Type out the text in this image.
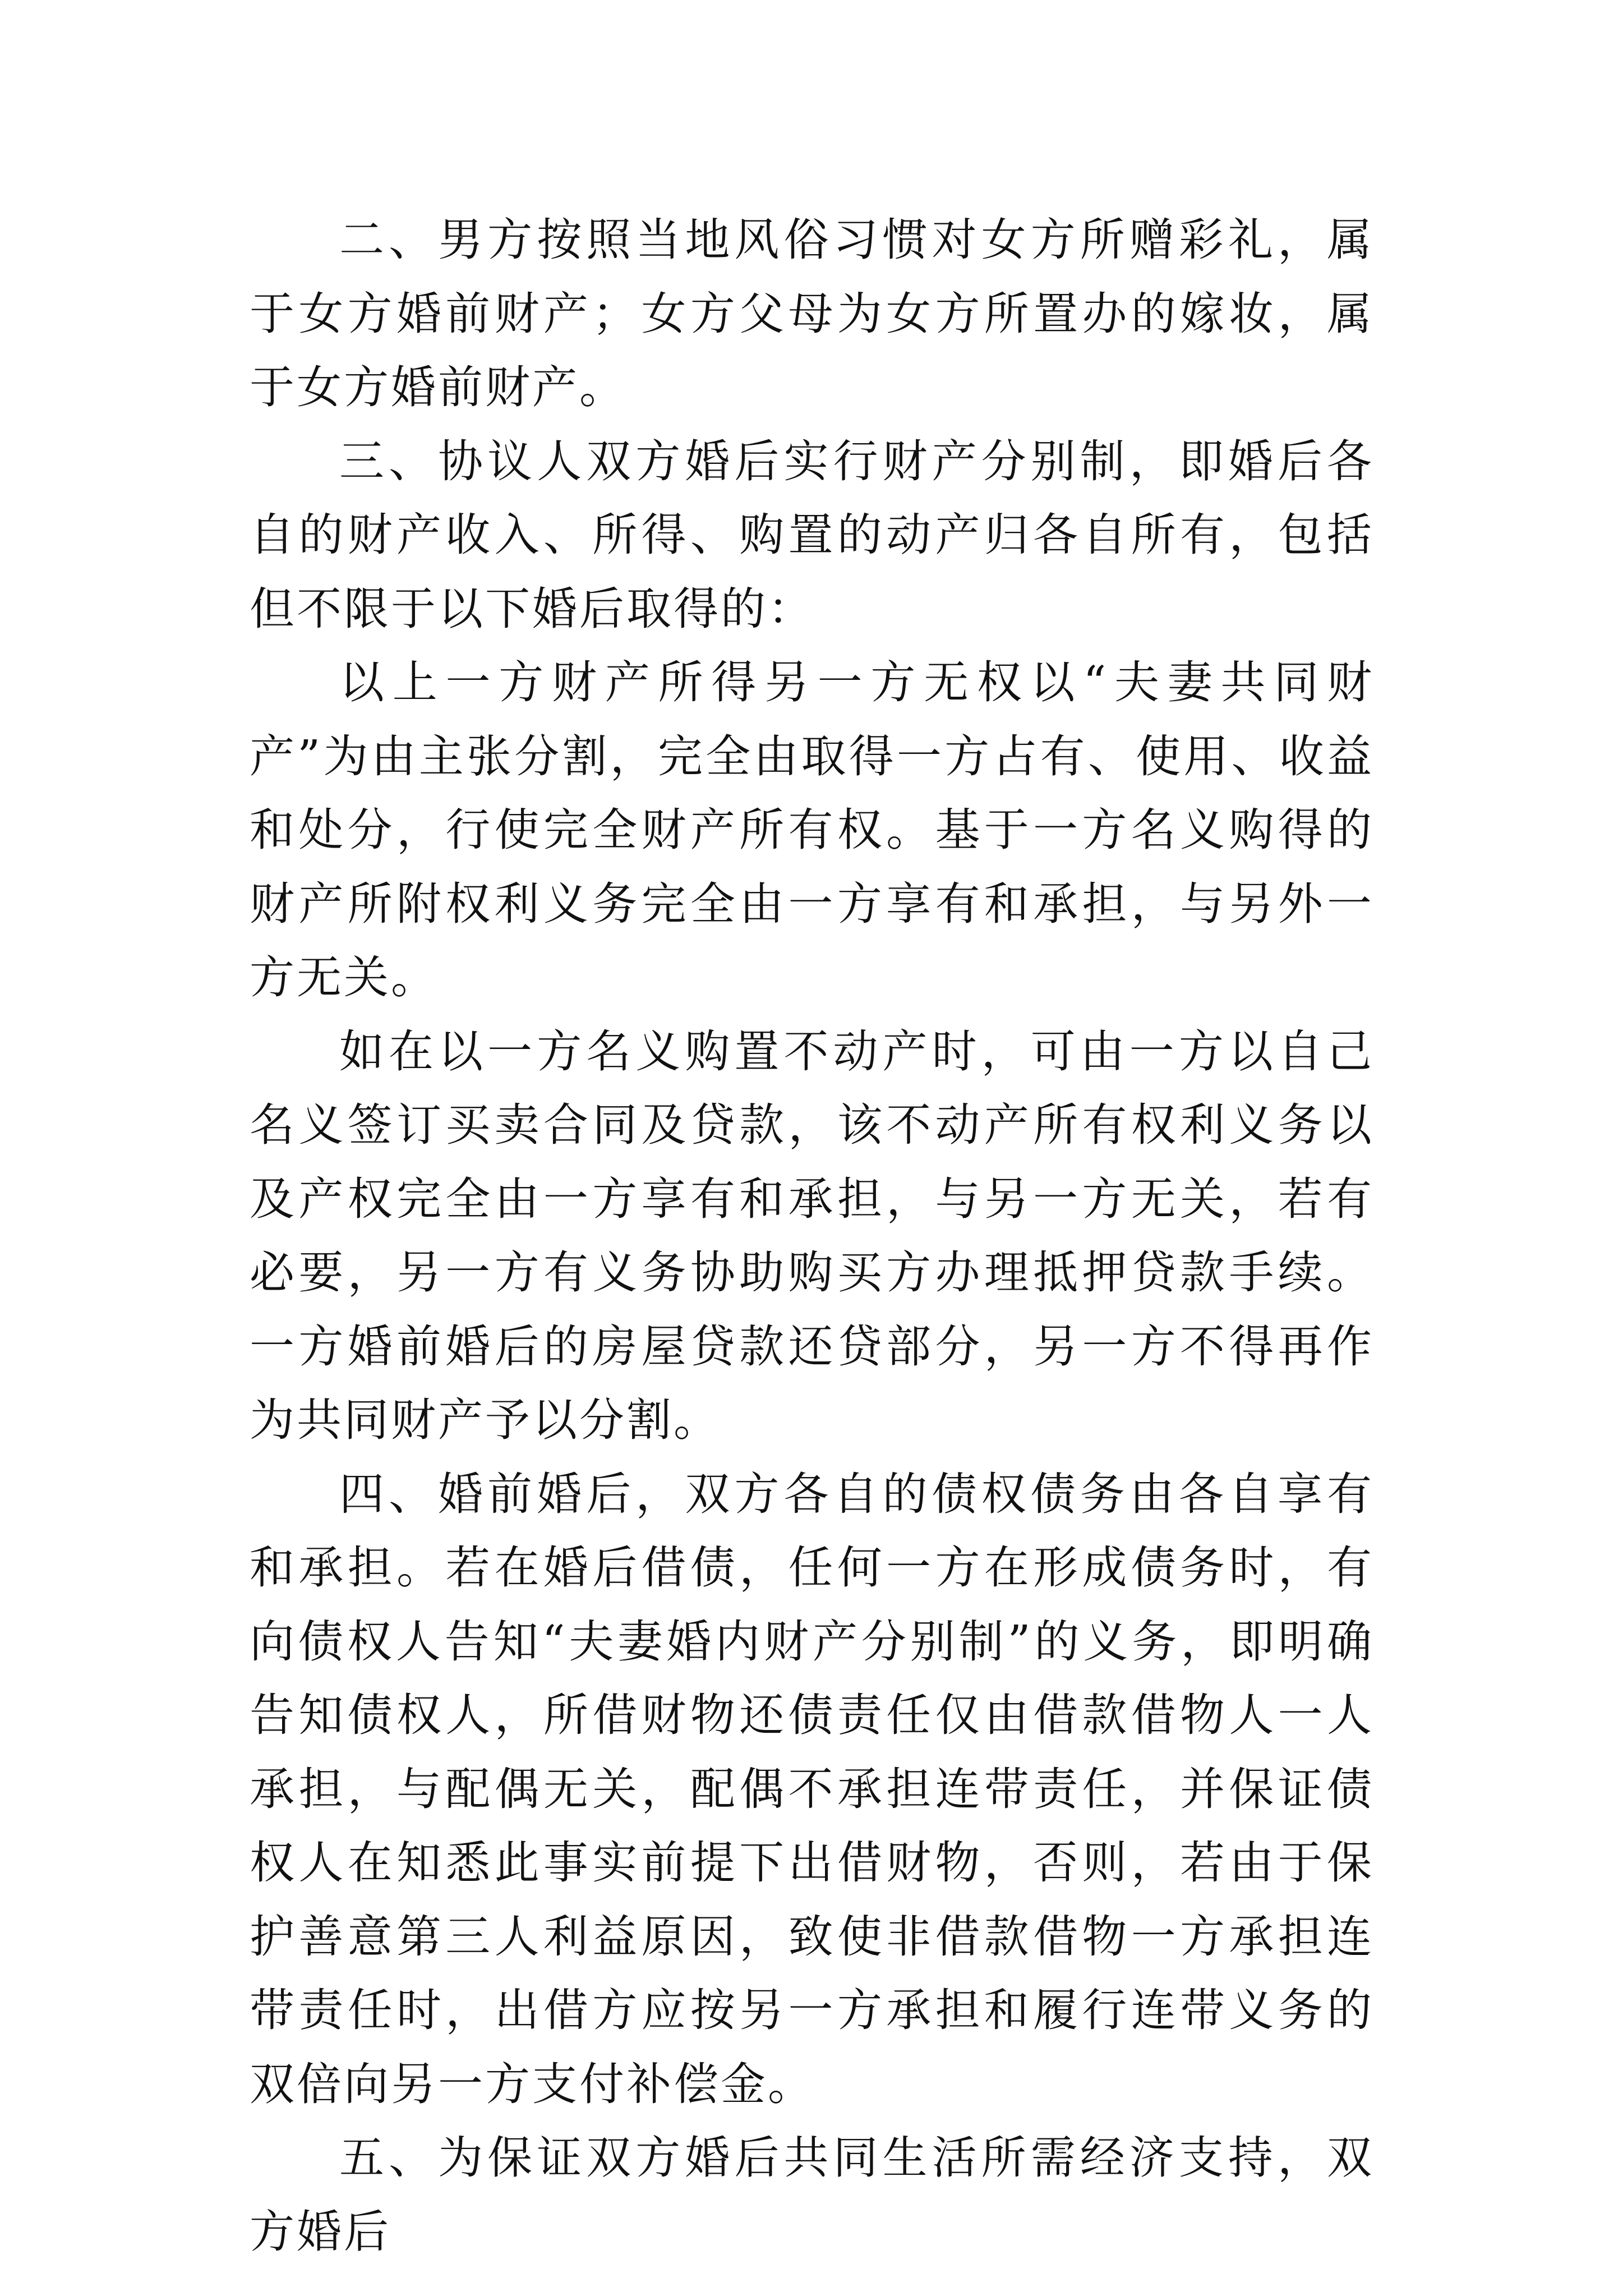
二、男方按照当地风俗习惯对女方所赠彩礼，属于女方婚前财产；女方父母为女方所置办的嫁妆，属于女方婚前财产。

三、协议人双方婚后实行财产分别制，即婚后各自的财产收入、所得、购置的动产归各自所有，包括但不限于以下婚后取得的：

以上一方财产所得另一方无权以“夫妻共同财产”为由主张分割，完全由取得一方占有、使用、收益和处分，行使完全财产所有权。基于一方名义购得的财产所附权利义务完全由一方享有和承担，与另外一方无关。

如在以一方名义购置不动产时，可由一方以自己名义签订买卖合同及贷款，该不动产所有权利义务以及产权完全由一方享有和承担，与另一方无关，若有必要，另一方有义务协助购买方办理抵押贷款手续。一方婚前婚后的房屋贷款还贷部分，另一方不得再作为共同财产予以分割。

四、婚前婚后，双方各自的债权债务由各自享有和承担。若在婚后借债，任何一方在形成债务时，有向债权人告知“夫妻婚内财产分别制”的义务，即明确告知债权人，所借财物还债责任仅由借款借物人一人承担，与配偶无关，配偶不承担连带责任，并保证债权人在知悉此事实前提下出借财物，否则，若由于保护善意第三人利益原因，致使非借款借物一方承担连带责任时，出借方应按另一方承担和履行连带义务的双倍向另一方支付补偿金。

五、为保证双方婚后共同生活所需经济支持，双方婚后
